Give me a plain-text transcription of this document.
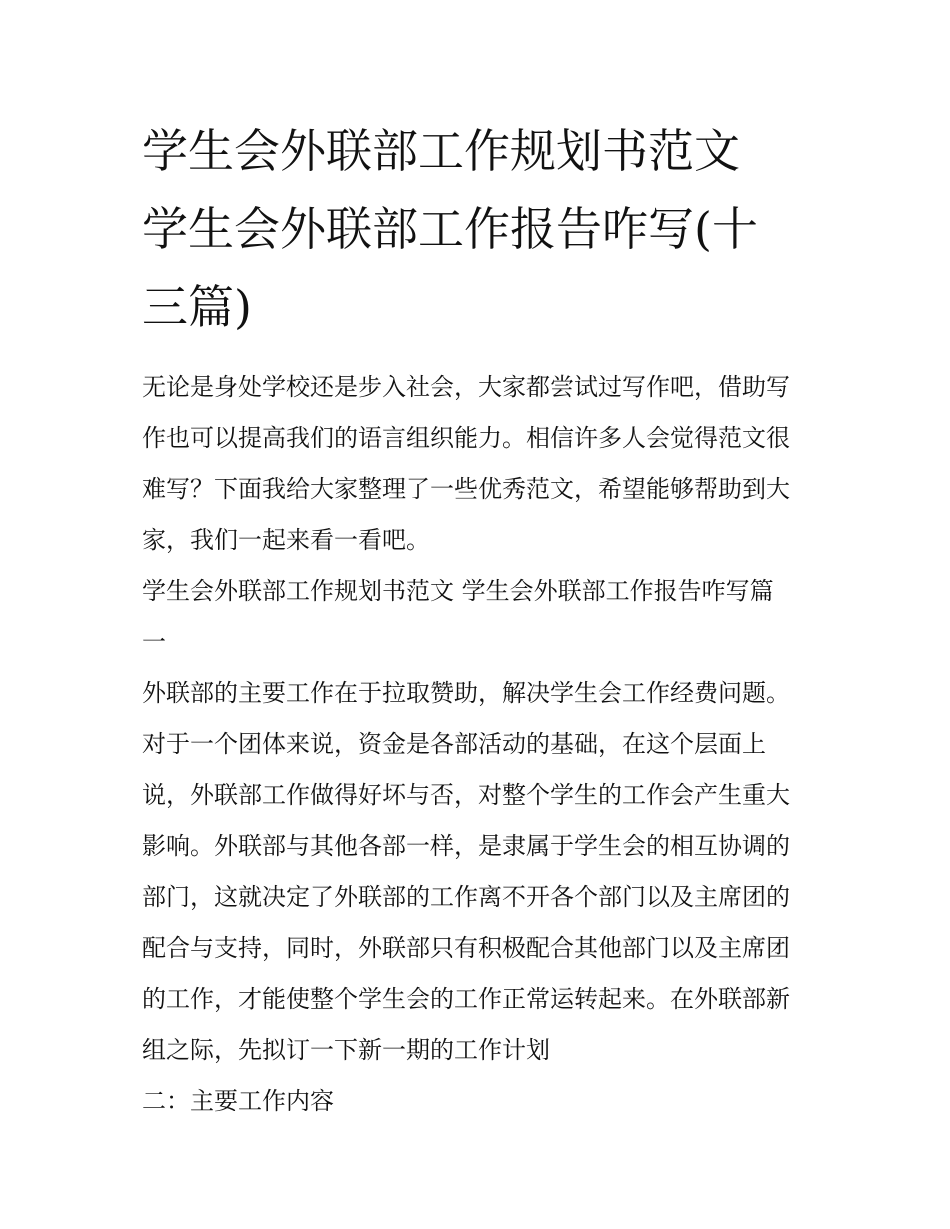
学生会外联部工作规划书范文
学生会外联部工作报告咋写(十
三篇)

无论是身处学校还是步入社会，大家都尝试过写作吧，借助写
作也可以提高我们的语言组织能力。相信许多人会觉得范文很
难写？下面我给大家整理了一些优秀范文，希望能够帮助到大
家，我们一起来看一看吧。

学生会外联部工作规划书范文 学生会外联部工作报告咋写篇
一

外联部的主要工作在于拉取赞助，解决学生会工作经费问题。
对于一个团体来说，资金是各部活动的基础，在这个层面上
说，外联部工作做得好坏与否，对整个学生的工作会产生重大
影响。外联部与其他各部一样，是隶属于学生会的相互协调的
部门，这就决定了外联部的工作离不开各个部门以及主席团的
配合与支持，同时，外联部只有积极配合其他部门以及主席团
的工作，才能使整个学生会的工作正常运转起来。在外联部新
组之际，先拟订一下新一期的工作计划

二：主要工作内容
